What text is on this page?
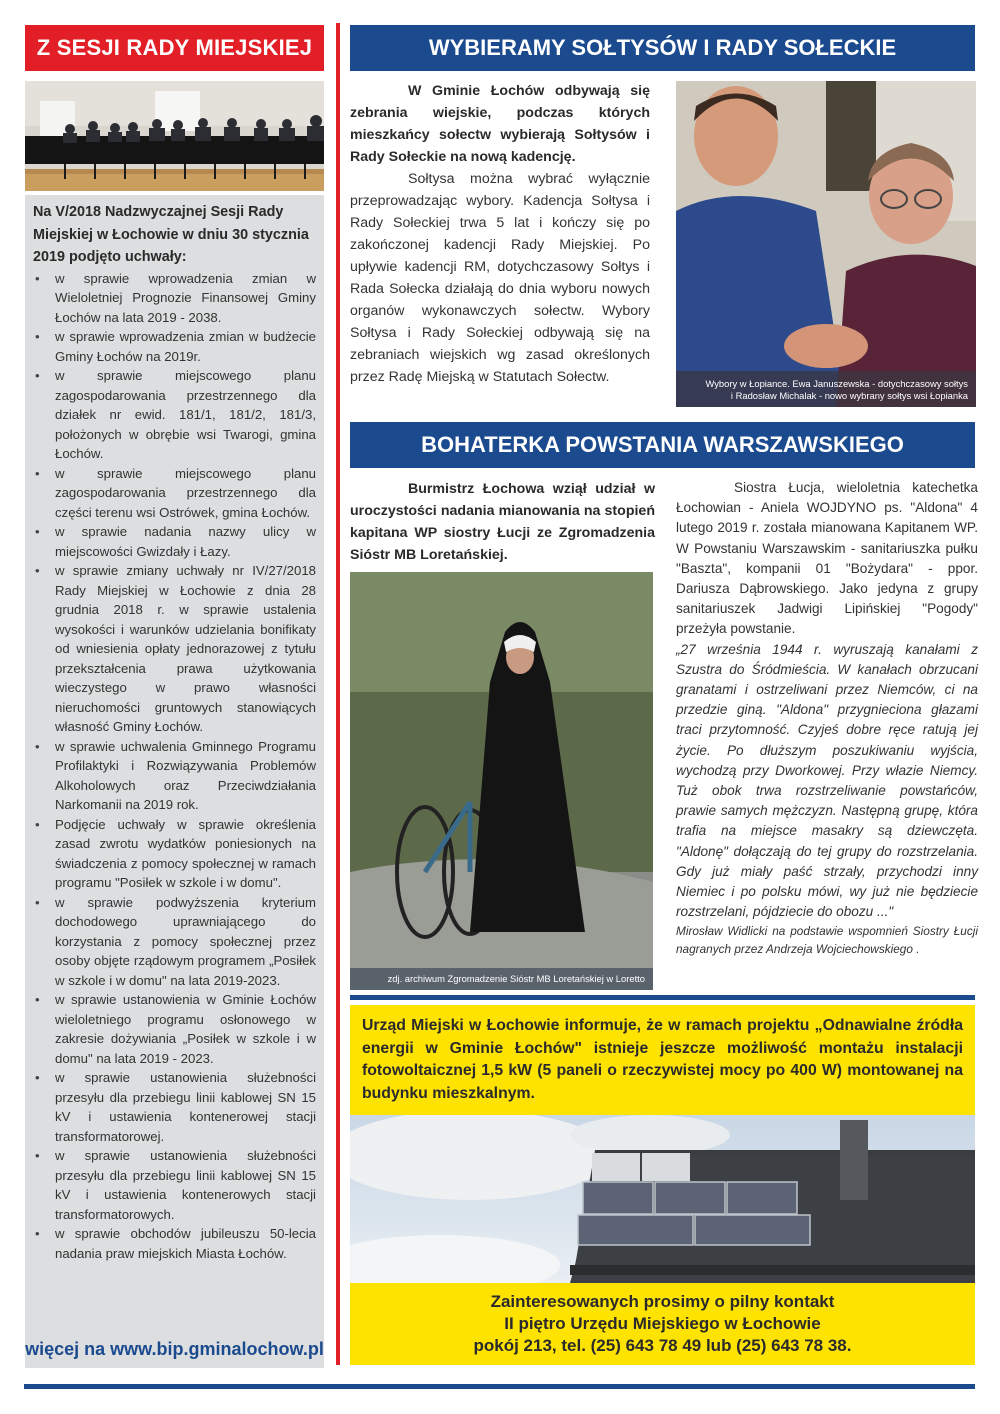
Z SESJI RADY MIEJSKIEJ

Na V/2018 Nadzwyczajnej Sesji Rady Miejskiej w Łochowie w dniu 30 stycznia 2019 podjęto uchwały:

• w sprawie wprowadzenia zmian w Wieloletniej Prognozie Finansowej Gminy Łochów na lata 2019 - 2038.
• w sprawie wprowadzenia zmian w budżecie Gminy Łochów na 2019r.
• w sprawie miejscowego planu zagospodarowania przestrzennego dla działek nr ewid. 181/1, 181/2, 181/3, położonych w obrębie wsi Twarogi, gmina Łochów.
• w sprawie miejscowego planu zagospodarowania przestrzennego dla części terenu wsi Ostrówek, gmina Łochów.
• w sprawie nadania nazwy ulicy w miejscowości Gwizdały i Łazy.
• w sprawie zmiany uchwały nr IV/27/2018 Rady Miejskiej w Łochowie z dnia 28 grudnia 2018 r. w sprawie ustalenia wysokości i warunków udzielania bonifikaty od wniesienia opłaty jednorazowej z tytułu przekształcenia prawa użytkowania wieczystego w prawo własności nieruchomości gruntowych stanowiących własność Gminy Łochów.
• w sprawie uchwalenia Gminnego Programu Profilaktyki i Rozwiązywania Problemów Alkoholowych oraz Przeciwdziałania Narkomanii na 2019 rok.
• Podjęcie uchwały w sprawie określenia zasad zwrotu wydatków poniesionych na świadczenia z pomocy społecznej w ramach programu "Posiłek w szkole i w domu".
• w sprawie podwyższenia kryterium dochodowego uprawniającego do korzystania z pomocy społecznej przez osoby objęte rządowym programem „Posiłek w szkole i w domu" na lata 2019-2023.
• w sprawie ustanowienia w Gminie Łochów wieloletniego programu osłonowego w zakresie dożywiania „Posiłek w szkole i w domu" na lata 2019 - 2023.
• w sprawie ustanowienia służebności przesyłu dla przebiegu linii kablowej SN 15 kV i ustawienia kontenerowej stacji transformatorowej.
• w sprawie ustanowienia służebności przesyłu dla przebiegu linii kablowej SN 15 kV i ustawienia kontenerowych stacji transformatorowych.
• w sprawie obchodów jubileuszu 50-lecia nadania praw miejskich Miasta Łochów.
więcej na www.bip.gminalochow.pl
WYBIERAMY SOŁTYSÓW I RADY SOŁECKIE

W Gminie Łochów odbywają się zebrania wiejskie, podczas których mieszkańcy sołectw wybierają Sołtysów i Rady Sołeckie na nową kadencję.

Sołtysa można wybrać wyłącznie przeprowadzając wybory. Kadencja Sołtysa i Rady Sołeckiej trwa 5 lat i kończy się po zakończonej kadencji Rady Miejskiej. Po upływie kadencji RM, dotychczasowy Sołtys i Rada Sołecka działają do dnia wyboru nowych organów wykonawczych sołectw. Wybory Sołtysa i Rady Sołeckiej odbywają się na zebraniach wiejskich wg zasad określonych przez Radę Miejską w Statutach Sołectw.	Wybory w Łopiance. Ewa Januszewska - dotychczasowy sołtys
i Radosław Michalak - nowo wybrany sołtys wsi Łopianka
BOHATERKA POWSTANIA WARSZAWSKIEGO
Burmistrz Łochowa wziął udział w uroczystości nadania mianowania na stopień kapitana WP siostry Łucji ze Zgromadzenia Sióstr MB Loretańskiej.
zdj. archiwum Zgromadzenie Sióstr MB Loretańskiej w Loretto

Siostra Łucja, wieloletnia katechetka Łochowian - Aniela WOJDYNO ps. "Aldona" 4 lutego 2019 r. została mianowana Kapitanem WP. W Powstaniu Warszawskim - sanitariuszka pułku "Baszta", kompanii 01 "Bożydara" - ppor. Dariusza Dąbrowskiego. Jako jedyna z grupy sanitariuszek Jadwigi Lipińskiej "Pogody" przeżyła powstanie.

„27 września 1944 r. wyruszają kanałami z Szustra do Śródmieścia. W kanałach obrzucani granatami i ostrzeliwani przez Niemców, ci na przedzie giną. "Aldona" przygnieciona głazami traci przytomność. Czyjeś dobre ręce ratują jej życie. Po dłuższym poszukiwaniu wyjścia, wychodzą przy Dworkowej. Przy włazie Niemcy. Tuż obok trwa rozstrzeliwanie powstańców, prawie samych mężczyzn. Następną grupę, która trafia na miejsce masakry są dziewczęta. "Aldonę" dołączają do tej grupy do rozstrzelania. Gdy już miały paść strzały, przychodzi inny Niemiec i po polsku mówi, wy już nie będziecie rozstrzelani, pójdziecie do obozu ..."

Mirosław Widlicki na podstawie wspomnień Siostry Łucji nagranych przez Andrzeja Wojciechowskiego .

Urząd Miejski w Łochowie informuje, że w ramach projektu „Odnawialne źródła energii w Gminie Łochów" istnieje jeszcze możliwość montażu instalacji fotowoltaicznej 1,5 kW (5 paneli o rzeczywistej mocy po 400 W) montowanej na budynku mieszkalnym.

Zainteresowanych prosimy o pilny kontakt
II piętro Urzędu Miejskiego w Łochowie
pokój 213, tel. (25) 643 78 49 lub (25) 643 78 38.
